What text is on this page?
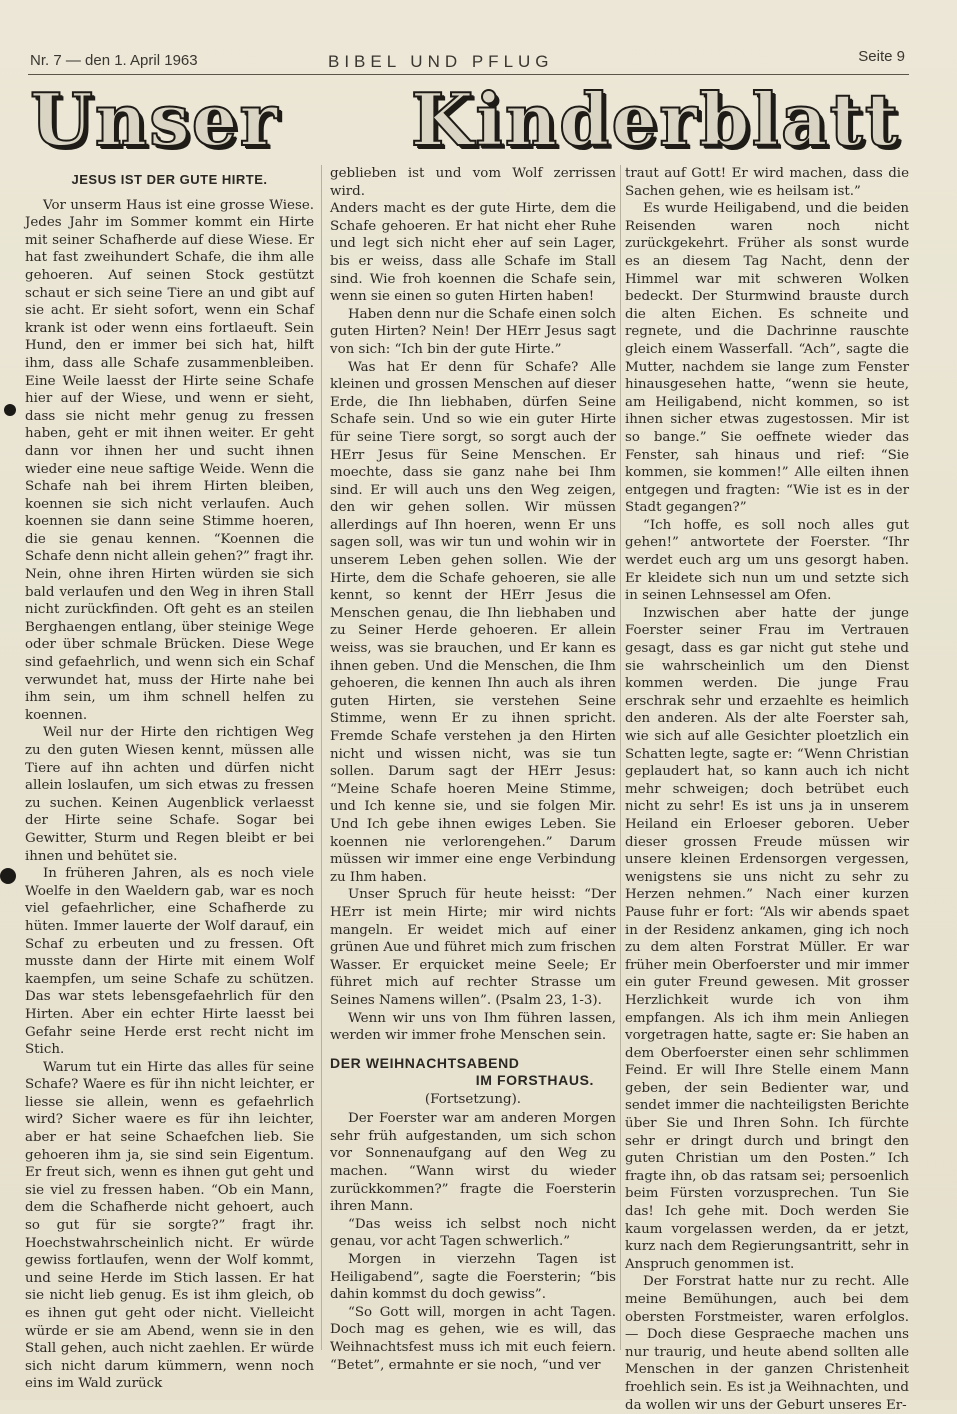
Nr. 7 — den 1. April 1963	BIBEL UND PFLUG	Seite 9
Unser Kinderblatt
JESUS IST DER GUTE HIRTE.

Vor unserm Haus ist eine grosse Wiese. Jedes Jahr im Sommer kommt ein Hirte mit seiner Schafherde auf diese Wiese. Er hat fast zweihundert Schafe, die ihm alle gehoeren. Auf seinen Stock gestützt schaut er sich seine Tiere an und gibt auf sie acht. Er sieht sofort, wenn ein Schaf krank ist oder wenn eins fortlaeuft. Sein Hund, den er immer bei sich hat, hilft ihm, dass alle Schafe zusammenbleiben. Eine Weile laesst der Hirte seine Schafe hier auf der Wiese, und wenn er sieht, dass sie nicht mehr genug zu fressen haben, geht er mit ihnen weiter. Er geht dann vor ihnen her und sucht ihnen wieder eine neue saftige Weide. Wenn die Schafe nah bei ihrem Hirten bleiben, koennen sie sich nicht verlaufen. Auch koennen sie dann seine Stimme hoeren, die sie genau kennen. “Koennen die Schafe denn nicht allein gehen?” fragt ihr. Nein, ohne ihren Hirten würden sie sich bald verlaufen und den Weg in ihren Stall nicht zurückfinden. Oft geht es an steilen Berghaengen entlang, über steinige Wege oder über schmale Brücken. Diese Wege sind gefaehrlich, und wenn sich ein Schaf verwundet hat, muss der Hirte nahe bei ihm sein, um ihm schnell helfen zu koennen.

Weil nur der Hirte den richtigen Weg zu den guten Wiesen kennt, müssen alle Tiere auf ihn achten und dürfen nicht allein loslaufen, um sich etwas zu fressen zu suchen. Keinen Augenblick verlaesst der Hirte seine Schafe. Sogar bei Gewitter, Sturm und Regen bleibt er bei ihnen und behütet sie.

In früheren Jahren, als es noch viele Woelfe in den Waeldern gab, war es noch viel gefaehrlicher, eine Schafherde zu hüten. Immer lauerte der Wolf darauf, ein Schaf zu erbeuten und zu fressen. Oft musste dann der Hirte mit einem Wolf kaempfen, um seine Schafe zu schützen. Das war stets lebensgefaehrlich für den Hirten. Aber ein echter Hirte laesst bei Gefahr seine Herde erst recht nicht im Stich.

Warum tut ein Hirte das alles für seine Schafe? Waere es für ihn nicht leichter, er liesse sie allein, wenn es gefaehrlich wird? Sicher waere es für ihn leichter, aber er hat seine Schaefchen lieb. Sie gehoeren ihm ja, sie sind sein Eigentum. Er freut sich, wenn es ihnen gut geht und sie viel zu fressen haben. “Ob ein Mann, dem die Schafherde nicht gehoert, auch so gut für sie sorgte?” fragt ihr. Hoechstwahrscheinlich nicht. Er würde gewiss fortlaufen, wenn der Wolf kommt, und seine Herde im Stich lassen. Er hat sie nicht lieb genug. Es ist ihm gleich, ob es ihnen gut geht oder nicht. Vielleicht würde er sie am Abend, wenn sie in den Stall gehen, auch nicht zaehlen. Er würde sich nicht darum kümmern, wenn noch eins im Wald zurück

geblieben ist und vom Wolf zerrissen wird.

Anders macht es der gute Hirte, dem die Schafe gehoeren. Er hat nicht eher Ruhe und legt sich nicht eher auf sein Lager, bis er weiss, dass alle Schafe im Stall sind. Wie froh koennen die Schafe sein, wenn sie einen so guten Hirten haben!

Haben denn nur die Schafe einen solch guten Hirten? Nein! Der HErr Jesus sagt von sich: “Ich bin der gute Hirte.”

Was hat Er denn für Schafe? Alle kleinen und grossen Menschen auf dieser Erde, die Ihn liebhaben, dürfen Seine Schafe sein. Und so wie ein guter Hirte für seine Tiere sorgt, so sorgt auch der HErr Jesus für Seine Menschen. Er moechte, dass sie ganz nahe bei Ihm sind. Er will auch uns den Weg zeigen, den wir gehen sollen. Wir müssen allerdings auf Ihn hoeren, wenn Er uns sagen soll, was wir tun und wohin wir in unserem Leben gehen sollen. Wie der Hirte, dem die Schafe gehoeren, sie alle kennt, so kennt der HErr Jesus die Menschen genau, die Ihn liebhaben und zu Seiner Herde gehoeren. Er allein weiss, was sie brauchen, und Er kann es ihnen geben. Und die Menschen, die Ihm gehoeren, die kennen Ihn auch als ihren guten Hirten, sie verstehen Seine Stimme, wenn Er zu ihnen spricht. Fremde Schafe verstehen ja den Hirten nicht und wissen nicht, was sie tun sollen. Darum sagt der HErr Jesus: “Meine Schafe hoeren Meine Stimme, und Ich kenne sie, und sie folgen Mir. Und Ich gebe ihnen ewiges Leben. Sie koennen nie verlorengehen.” Darum müssen wir immer eine enge Verbindung zu Ihm haben.

Unser Spruch für heute heisst: “Der HErr ist mein Hirte; mir wird nichts mangeln. Er weidet mich auf einer grünen Aue und führet mich zum frischen Wasser. Er erquicket meine Seele; Er führet mich auf rechter Strasse um Seines Namens willen”. (Psalm 23, 1-3).

Wenn wir uns von Ihm führen lassen, werden wir immer frohe Menschen sein.

DER WEIHNACHTSABEND
IM FORSTHAUS.
(Fortsetzung).

Der Foerster war am anderen Morgen sehr früh aufgestanden, um sich schon vor Sonnenaufgang auf den Weg zu machen. “Wann wirst du wieder zurückkommen?” fragte die Foersterin ihren Mann.

“Das weiss ich selbst noch nicht genau, vor acht Tagen schwerlich.”

Morgen in vierzehn Tagen ist Heiligabend”, sagte die Foersterin; “bis dahin kommst du doch gewiss”.

“So Gott will, morgen in acht Tagen. Doch mag es gehen, wie es will, das Weihnachtsfest muss ich mit euch feiern. “Betet”, ermahnte er sie noch, “und ver

traut auf Gott! Er wird machen, dass die Sachen gehen, wie es heilsam ist.”

Es wurde Heiligabend, und die beiden Reisenden waren noch nicht zurückgekehrt. Früher als sonst wurde es an diesem Tag Nacht, denn der Himmel war mit schweren Wolken bedeckt. Der Sturmwind brauste durch die alten Eichen. Es schneite und regnete, und die Dachrinne rauschte gleich einem Wasserfall. “Ach”, sagte die Mutter, nachdem sie lange zum Fenster hinausgesehen hatte, “wenn sie heute, am Heiligabend, nicht kommen, so ist ihnen sicher etwas zugestossen. Mir ist so bange.” Sie oeffnete wieder das Fenster, sah hinaus und rief: “Sie kommen, sie kommen!” Alle eilten ihnen entgegen und fragten: “Wie ist es in der Stadt gegangen?”

“Ich hoffe, es soll noch alles gut gehen!” antwortete der Foerster. “Ihr werdet euch arg um uns gesorgt haben. Er kleidete sich nun um und setzte sich in seinen Lehnsessel am Ofen.

Inzwischen aber hatte der junge Foerster seiner Frau im Vertrauen gesagt, dass es gar nicht gut stehe und sie wahrscheinlich um den Dienst kommen werden. Die junge Frau erschrak sehr und erzaehlte es heimlich den anderen. Als der alte Foerster sah, wie sich auf alle Gesichter ploetzlich ein Schatten legte, sagte er: “Wenn Christian geplaudert hat, so kann auch ich nicht mehr schweigen; doch betrübet euch nicht zu sehr! Es ist uns ja in unserem Heiland ein Erloeser geboren. Ueber dieser grossen Freude müssen wir unsere kleinen Erdensorgen vergessen, wenigstens sie uns nicht zu sehr zu Herzen nehmen.” Nach einer kurzen Pause fuhr er fort: “Als wir abends spaet in der Residenz ankamen, ging ich noch zu dem alten Forstrat Müller. Er war früher mein Oberfoerster und mir immer ein guter Freund gewesen. Mit grosser Herzlichkeit wurde ich von ihm empfangen. Als ich ihm mein Anliegen vorgetragen hatte, sagte er: Sie haben an dem Oberfoerster einen sehr schlimmen Feind. Er will Ihre Stelle einem Mann geben, der sein Bedienter war, und sendet immer die nachteiligsten Berichte über Sie und Ihren Sohn. Ich fürchte sehr er dringt durch und bringt den guten Christian um den Posten.” Ich fragte ihn, ob das ratsam sei; persoenlich beim Fürsten vorzusprechen. Tun Sie das! Ich gehe mit. Doch werden Sie kaum vorgelassen werden, da er jetzt, kurz nach dem Regierungsantritt, sehr in Anspruch genommen ist.

Der Forstrat hatte nur zu recht. Alle meine Bemühungen, auch bei dem obersten Forstmeister, waren erfolglos. — Doch diese Gespraeche machen uns nur traurig, und heute abend sollten alle Menschen in der ganzen Christenheit froehlich sein. Es ist ja Weihnachten, und da wollen wir uns der Geburt unseres Er-
